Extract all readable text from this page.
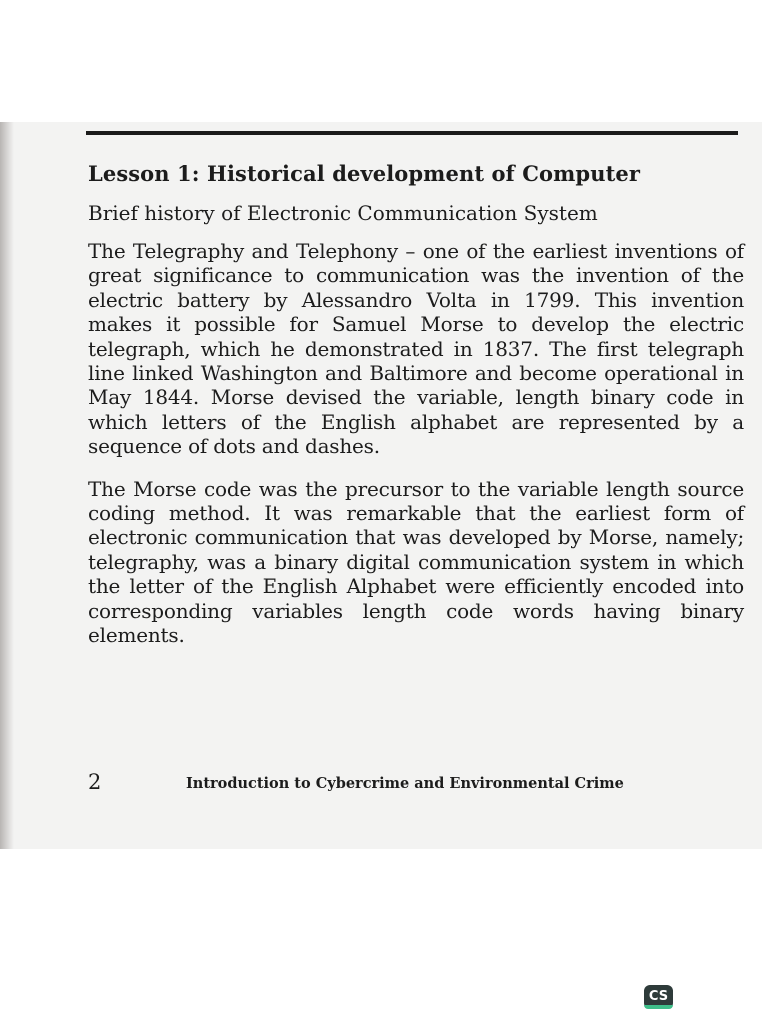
Lesson 1: Historical development of Computer

Brief history of Electronic Communication System

The Telegraphy and Telephony – one of the earliest inventions of great significance to communication was the invention of the electric battery by Alessandro Volta in 1799. This invention makes it possible for Samuel Morse to develop the electric telegraph, which he demonstrated in 1837. The first telegraph line linked Washington and Baltimore and become operational in May 1844. Morse devised the variable, length binary code in which letters of the English alphabet are represented by a sequence of dots and dashes.

The Morse code was the precursor to the variable length source coding method. It was remarkable that the earliest form of electronic communication that was developed by Morse, namely; telegraphy, was a binary digital communication system in which the letter of the English Alphabet were efficiently encoded into corresponding variables length code words having binary elements.

2	Introduction to Cybercrime and Environmental Crime
CS
